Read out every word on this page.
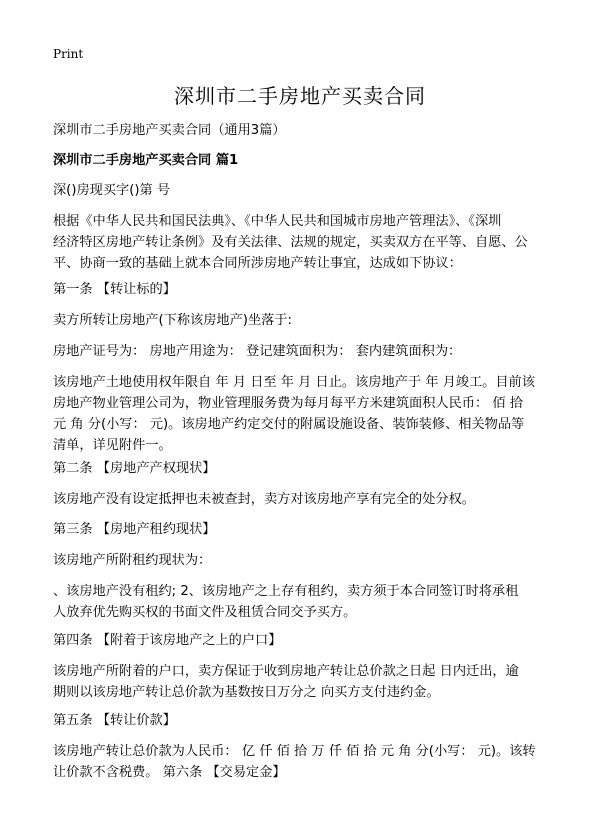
Print
深圳市二手房地产买卖合同
深圳市二手房地产买卖合同（通用3篇）
深圳市二手房地产买卖合同 篇1
深()房现买字()第 号
根据《中华人民共和国民法典》、《中华人民共和国城市房地产管理法》、《深圳
经济特区房地产转让条例》及有关法律、法规的规定，买卖双方在平等、自愿、公
平、协商一致的基础上就本合同所涉房地产转让事宜，达成如下协议：
第一条 【转让标的】
卖方所转让房地产(下称该房地产)坐落于:
房地产证号为： 房地产用途为： 登记建筑面积为： 套内建筑面积为：
该房地产土地使用权年限自 年 月 日至 年 月 日止。该房地产于 年 月竣工。目前该
房地产物业管理公司为，物业管理服务费为每月每平方米建筑面积人民币： 佰 拾
元 角 分(小写： 元)。该房地产约定交付的附属设施设备、装饰装修、相关物品等
清单，详见附件一。
第二条 【房地产产权现状】
该房地产没有设定抵押也未被查封，卖方对该房地产享有完全的处分权。
第三条 【房地产租约现状】
该房地产所附租约现状为：
、该房地产没有租约; 2、该房地产之上存有租约，卖方须于本合同签订时将承租
人放弃优先购买权的书面文件及租赁合同交予买方。
第四条 【附着于该房地产之上的户口】
该房地产所附着的户口，卖方保证于收到房地产转让总价款之日起 日内迁出，逾
期则以该房地产转让总价款为基数按日万分之 向买方支付违约金。
第五条 【转让价款】
该房地产转让总价款为人民币： 亿 仟 佰 拾 万 仟 佰 拾 元 角 分(小写： 元)。该转
让价款不含税费。 第六条 【交易定金】
